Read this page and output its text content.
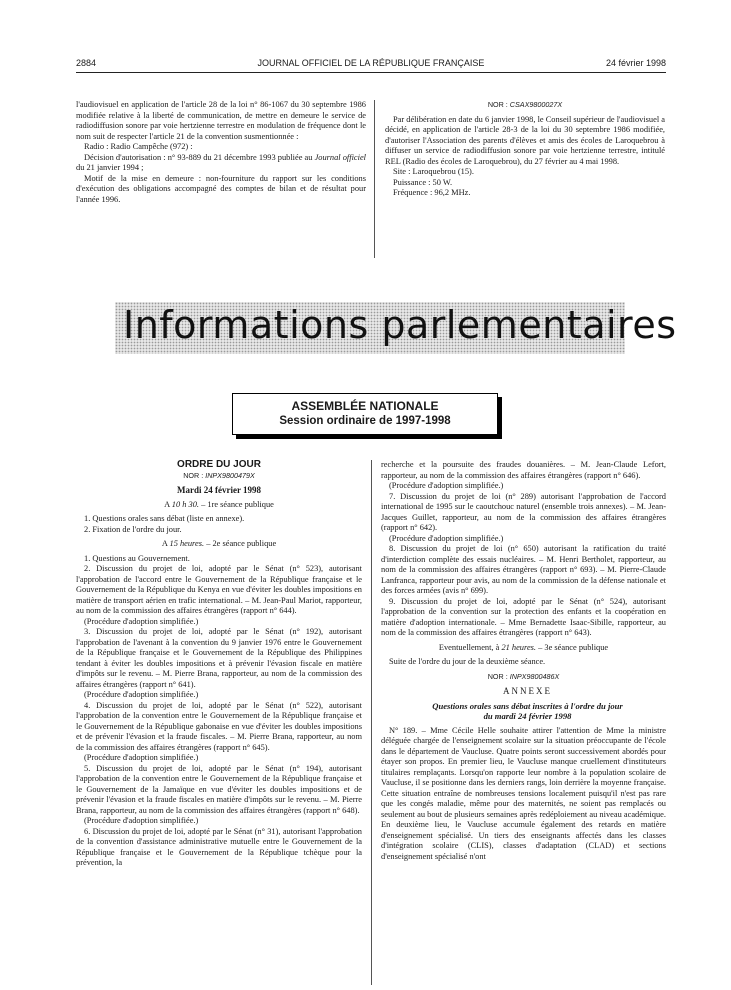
2884	JOURNAL OFFICIEL DE LA RÉPUBLIQUE FRANÇAISE	24 février 1998

l'audiovisuel en application de l'article 28 de la loi n° 86-1067 du 30 septembre 1986 modifiée relative à la liberté de communication, de mettre en demeure le service de radiodiffusion sonore par voie hertzienne terrestre en modulation de fréquence dont le nom suit de respecter l'article 21 de la convention susmentionnée :

Radio : Radio Campêche (972) :

Décision d'autorisation : n° 93-889 du 21 décembre 1993 publiée au Journal officiel du 21 janvier 1994 ;

Motif de la mise en demeure : non-fourniture du rapport sur les conditions d'exécution des obligations accompagné des comptes de bilan et de résultat pour l'année 1996.

NOR : CSAX9800027X

Par délibération en date du 6 janvier 1998, le Conseil supérieur de l'audiovisuel a décidé, en application de l'article 28-3 de la loi du 30 septembre 1986 modifiée, d'autoriser l'Association des parents d'élèves et amis des écoles de Laroquebrou à diffuser un service de radiodiffusion sonore par voie hertzienne terrestre, intitulé REL (Radio des écoles de Laroquebrou), du 27 février au 4 mai 1998.

Site : Laroquebrou (15).

Puissance : 50 W.

Fréquence : 96,2 MHz.

Informations parlementaires
ASSEMBLÉE NATIONALE
Session ordinaire de 1997-1998

ORDRE DU JOUR

NOR : INPX9800479X

Mardi 24 février 1998

A 10 h 30. – 1re séance publique

1. Questions orales sans débat (liste en annexe).

2. Fixation de l'ordre du jour.

A 15 heures. – 2e séance publique

1. Questions au Gouvernement.

2. Discussion du projet de loi, adopté par le Sénat (n° 523), autorisant l'approbation de l'accord entre le Gouvernement de la République française et le Gouvernement de la République du Kenya en vue d'éviter les doubles impositions en matière de transport aérien en trafic international. – M. Jean-Paul Mariot, rapporteur, au nom de la commission des affaires étrangères (rapport n° 644).

(Procédure d'adoption simplifiée.)

3. Discussion du projet de loi, adopté par le Sénat (n° 192), autorisant l'approbation de l'avenant à la convention du 9 janvier 1976 entre le Gouvernement de la République française et le Gouvernement de la République des Philippines tendant à éviter les doubles impositions et à prévenir l'évasion fiscale en matière d'impôts sur le revenu. – M. Pierre Brana, rapporteur, au nom de la commission des affaires étrangères (rapport n° 641).

(Procédure d'adoption simplifiée.)

4. Discussion du projet de loi, adopté par le Sénat (n° 522), autorisant l'approbation de la convention entre le Gouvernement de la République française et le Gouvernement de la République gabonaise en vue d'éviter les doubles impositions et de prévenir l'évasion et la fraude fiscales. – M. Pierre Brana, rapporteur, au nom de la commission des affaires étrangères (rapport n° 645).

(Procédure d'adoption simplifiée.)

5. Discussion du projet de loi, adopté par le Sénat (n° 194), autorisant l'approbation de la convention entre le Gouvernement de la République française et le Gouvernement de la Jamaïque en vue d'éviter les doubles impositions et de prévenir l'évasion et la fraude fiscales en matière d'impôts sur le revenu. – M. Pierre Brana, rapporteur, au nom de la commission des affaires étrangères (rapport n° 648).

(Procédure d'adoption simplifiée.)

6. Discussion du projet de loi, adopté par le Sénat (n° 31), autorisant l'approbation de la convention d'assistance administrative mutuelle entre le Gouvernement de la République française et le Gouvernement de la République tchèque pour la prévention, la

recherche et la poursuite des fraudes douanières. – M. Jean-Claude Lefort, rapporteur, au nom de la commission des affaires étrangères (rapport n° 646).

(Procédure d'adoption simplifiée.)

7. Discussion du projet de loi (n° 289) autorisant l'approbation de l'accord international de 1995 sur le caoutchouc naturel (ensemble trois annexes). – M. Jean-Jacques Guillet, rapporteur, au nom de la commission des affaires étrangères (rapport n° 642).

(Procédure d'adoption simplifiée.)

8. Discussion du projet de loi (n° 650) autorisant la ratification du traité d'interdiction complète des essais nucléaires. – M. Henri Bertholet, rapporteur, au nom de la commission des affaires étrangères (rapport n° 693). – M. Pierre-Claude Lanfranca, rapporteur pour avis, au nom de la commission de la défense nationale et des forces armées (avis n° 699).

9. Discussion du projet de loi, adopté par le Sénat (n° 524), autorisant l'approbation de la convention sur la protection des enfants et la coopération en matière d'adoption internationale. – Mme Bernadette Isaac-Sibille, rapporteur, au nom de la commission des affaires étrangères (rapport n° 643).

Eventuellement, à 21 heures. – 3e séance publique

Suite de l'ordre du jour de la deuxième séance.

NOR : INPX9800486X

ANNEXE

Questions orales sans débat inscrites à l'ordre du jour

du mardi 24 février 1998

N° 189. – Mme Cécile Helle souhaite attirer l'attention de Mme la ministre déléguée chargée de l'enseignement scolaire sur la situation préoccupante de l'école dans le département de Vaucluse. Quatre points seront successivement abordés pour étayer son propos. En premier lieu, le Vaucluse manque cruellement d'instituteurs titulaires remplaçants. Lorsqu'on rapporte leur nombre à la population scolaire de Vaucluse, il se positionne dans les derniers rangs, loin derrière la moyenne française. Cette situation entraîne de nombreuses tensions localement puisqu'il n'est pas rare que les congés maladie, même pour des maternités, ne soient pas remplacés ou seulement au bout de plusieurs semaines après redéploiement au niveau académique. En deuxième lieu, le Vaucluse accumule également des retards en matière d'enseignement spécialisé. Un tiers des enseignants affectés dans les classes d'intégration scolaire (CLIS), classes d'adaptation (CLAD) et sections d'enseignement spécialisé n'ont
